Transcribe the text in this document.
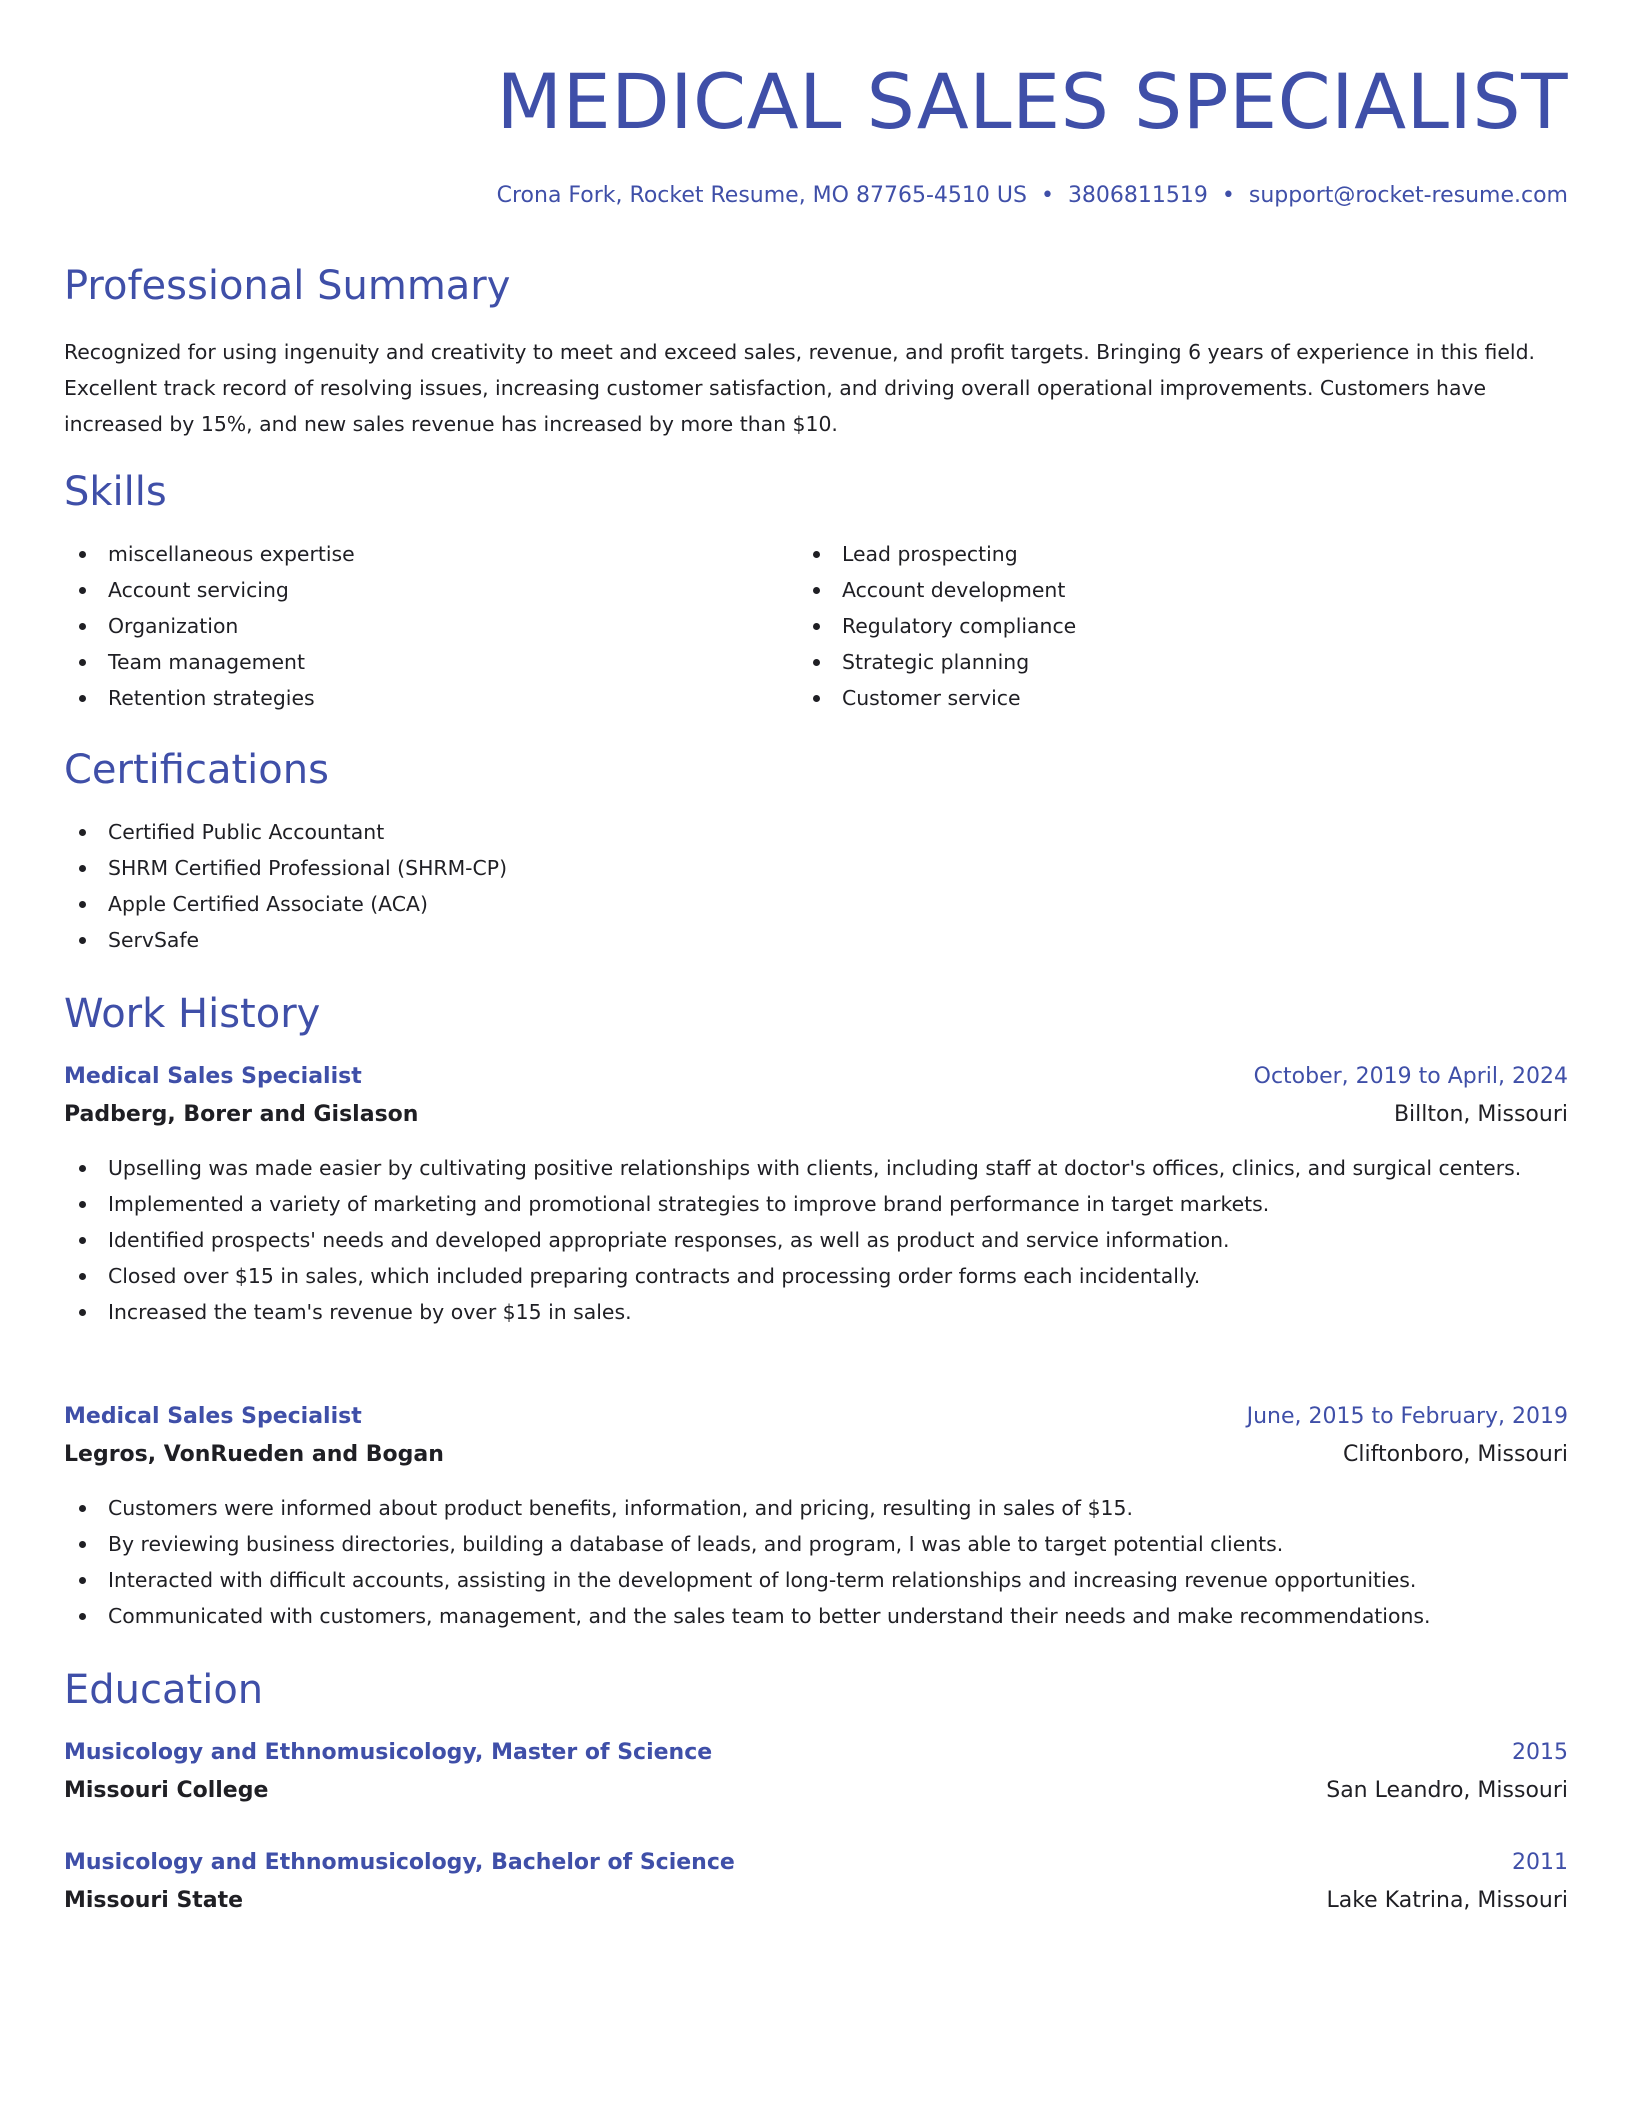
MEDICAL SALES SPECIALIST
Crona Fork, Rocket Resume, MO 87765-4510 US • 3806811519 • support@rocket-resume.com
Professional Summary

Recognized for using ingenuity and creativity to meet and exceed sales, revenue, and profit targets. Bringing 6 years of experience in this field. Excellent track record of resolving issues, increasing customer satisfaction, and driving overall operational improvements. Customers have increased by 15%, and new sales revenue has increased by more than $10.

Skills
miscellaneous expertise
Account servicing
Organization
Team management
Retention strategies
Lead prospecting
Account development
Regulatory compliance
Strategic planning
Customer service
Certifications
Certified Public Accountant
SHRM Certified Professional (SHRM-CP)
Apple Certified Associate (ACA)
ServSafe
Work History
Medical Sales Specialist	October, 2019 to April, 2024
Padberg, Borer and Gislason	Billton, Missouri
Upselling was made easier by cultivating positive relationships with clients, including staff at doctor's offices, clinics, and surgical centers.
Implemented a variety of marketing and promotional strategies to improve brand performance in target markets.
Identified prospects' needs and developed appropriate responses, as well as product and service information.
Closed over $15 in sales, which included preparing contracts and processing order forms each incidentally.
Increased the team's revenue by over $15 in sales.
Medical Sales Specialist	June, 2015 to February, 2019
Legros, VonRueden and Bogan	Cliftonboro, Missouri
Customers were informed about product benefits, information, and pricing, resulting in sales of $15.
By reviewing business directories, building a database of leads, and program, I was able to target potential clients.
Interacted with difficult accounts, assisting in the development of long-term relationships and increasing revenue opportunities.
Communicated with customers, management, and the sales team to better understand their needs and make recommendations.
Education
Musicology and Ethnomusicology, Master of Science	2015
Missouri College	San Leandro, Missouri
Musicology and Ethnomusicology, Bachelor of Science	2011
Missouri State	Lake Katrina, Missouri
